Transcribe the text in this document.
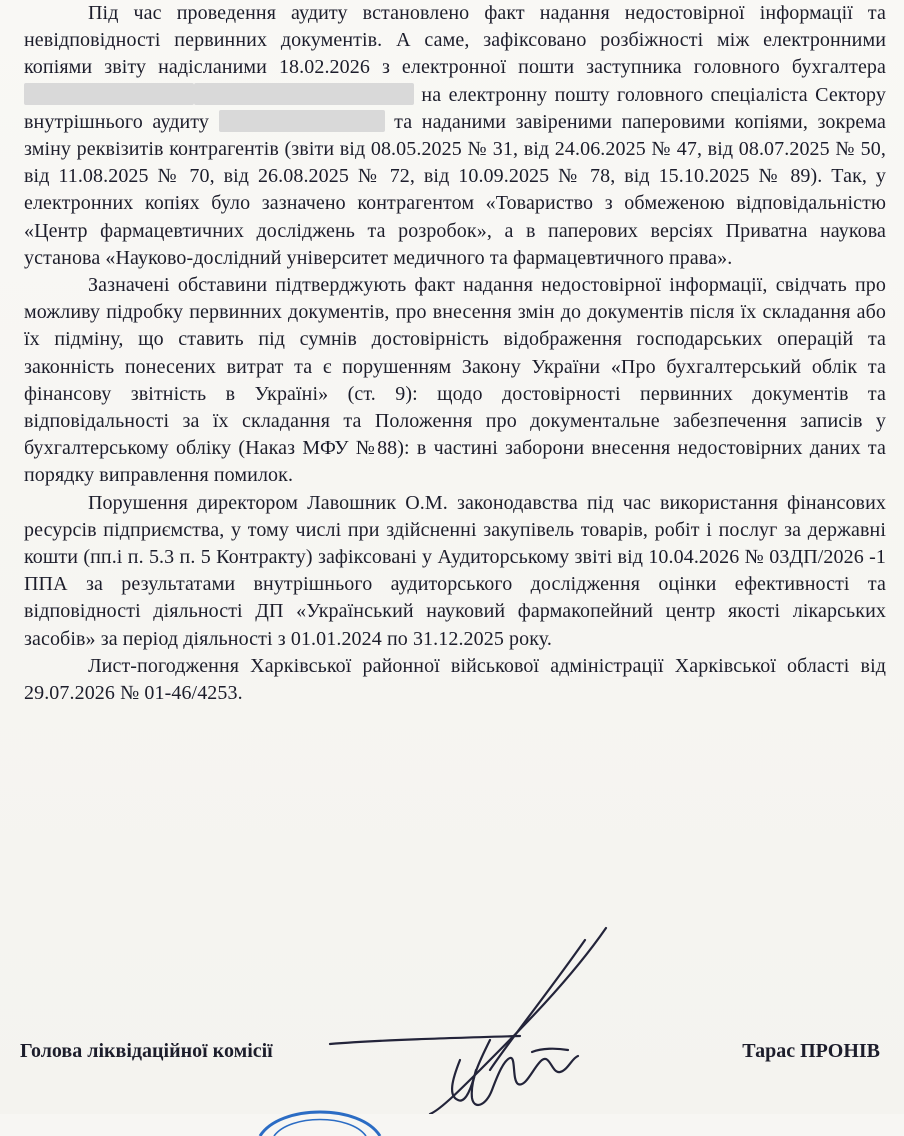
Під час проведення аудиту встановлено факт надання недостовірної інформації та невідповідності первинних документів. А саме, зафіксовано розбіжності між електронними копіями звіту надісланими 18.02.2026 з електронної пошти заступника головного бухгалтера  на електронну пошту головного спеціаліста Сектору внутрішнього аудиту	та наданими завіреними паперовими копіями, зокрема зміну реквізитів контрагентів (звіти від 08.05.2025 № 31, від 24.06.2025 № 47, від 08.07.2025 № 50, від 11.08.2025 № 70, від 26.08.2025 № 72, від 10.09.2025 № 78, від 15.10.2025 № 89). Так, у електронних копіях було зазначено контрагентом «Товариство з обмеженою відповідальністю «Центр фармацевтичних досліджень та розробок», а в паперових версіях Приватна наукова установа «Науково-дослідний університет медичного та фармацевтичного права».

Зазначені обставини підтверджують факт надання недостовірної інформації, свідчать про можливу підробку первинних документів, про внесення змін до документів після їх складання або їх підміну, що ставить під сумнів достовірність відображення господарських операцій та законність понесених витрат та є порушенням Закону України «Про бухгалтерський облік та фінансову звітність в Україні» (ст. 9): щодо достовірності первинних документів та відповідальності за їх складання та Положення про документальне забезпечення записів у бухгалтерському обліку (Наказ МФУ №88): в частині заборони внесення недостовірних даних та порядку виправлення помилок.

Порушення директором Лавошник О.М. законодавства під час використання фінансових ресурсів підприємства, у тому числі при здійсненні закупівель товарів, робіт і послуг за державні кошти (пп.і п. 5.3 п. 5 Контракту) зафіксовані у Аудиторському звіті від 10.04.2026 № 03ДП/2026 -1 ППА за результатами внутрішнього аудиторського дослідження оцінки ефективності та відповідності діяльності ДП «Український науковий фармакопейний центр якості лікарських засобів» за період діяльності з 01.01.2024 по 31.12.2025 року.

Лист-погодження Харківської районної військової адміністрації Харківської області від 29.07.2026 № 01-46/4253.

Голова ліквідаційної комісії	Тарас ПРОНІВ
